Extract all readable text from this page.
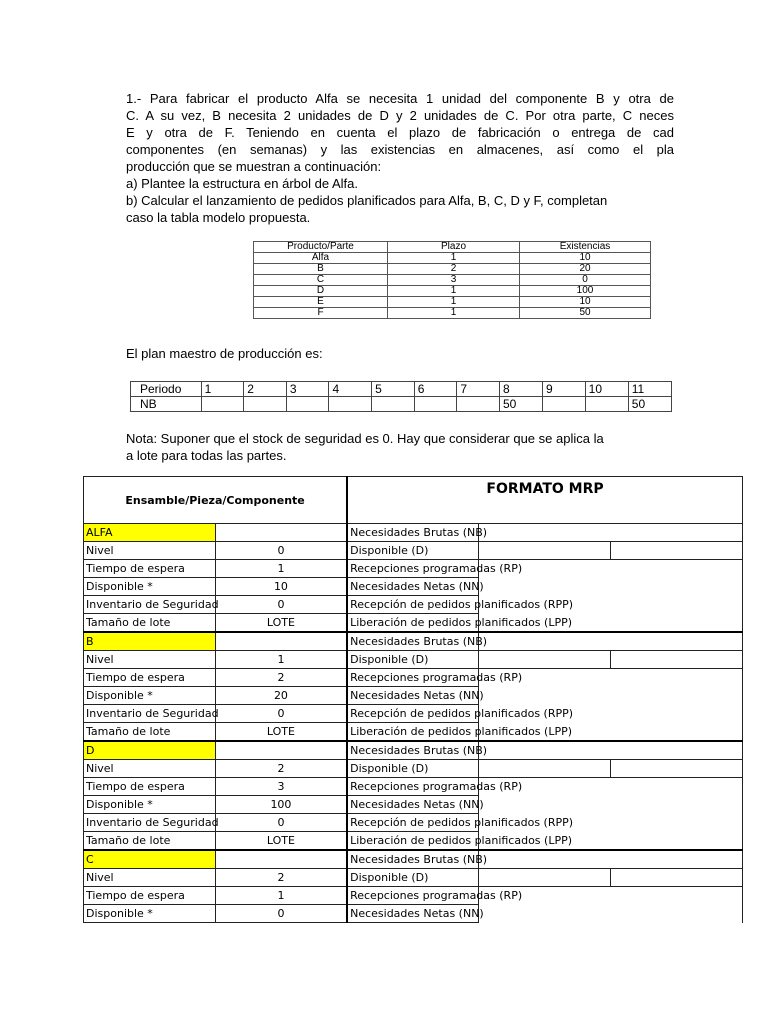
1.- Para fabricar el producto Alfa se necesita 1 unidad del componente B y otra de
C. A su vez, B necesita 2 unidades de D y 2 unidades de C. Por otra parte, C neces
E y otra de F. Teniendo en cuenta el plazo de fabricación o entrega de cad
componentes (en semanas) y las existencias en almacenes, así como el pla
producción que se muestran a continuación:
a) Plantee la estructura en árbol de Alfa.
b) Calcular el lanzamiento de pedidos planificados para Alfa, B, C, D y F, completan
caso la tabla modelo propuesta.
Producto/Parte	Plazo	Existencias
Alfa	1	10
B	2	20
C	3	0
D	1	100
E	1	10
F	1	50
El plan maestro de producción es:
Periodo	1	2	3	4	5	6	7	8	9	10	11
NB								50			50
Nota: Suponer que el stock de seguridad es 0. Hay que considerar que se aplica la
a lote para todas las partes.
Ensamble/Pieza/Componente		FORMATO MRP		
ALFA		Necesidades Brutas (NB)		
Nivel	0	Disponible (D)		
Tiempo de espera	1	Recepciones programadas (RP)		
Disponible *	10	Necesidades Netas (NN)		
Inventario de Seguridad	0	Recepción de pedidos planificados (RPP)		
Tamaño de lote	LOTE	Liberación de pedidos planificados (LPP)		
B		Necesidades Brutas (NB)		
Nivel	1	Disponible (D)		
Tiempo de espera	2	Recepciones programadas (RP)		
Disponible *	20	Necesidades Netas (NN)		
Inventario de Seguridad	0	Recepción de pedidos planificados (RPP)		
Tamaño de lote	LOTE	Liberación de pedidos planificados (LPP)		
D		Necesidades Brutas (NB)		
Nivel	2	Disponible (D)		
Tiempo de espera	3	Recepciones programadas (RP)		
Disponible *	100	Necesidades Netas (NN)		
Inventario de Seguridad	0	Recepción de pedidos planificados (RPP)		
Tamaño de lote	LOTE	Liberación de pedidos planificados (LPP)		
C		Necesidades Brutas (NB)		
Nivel	2	Disponible (D)		
Tiempo de espera	1	Recepciones programadas (RP)		
Disponible *	0	Necesidades Netas (NN)		
